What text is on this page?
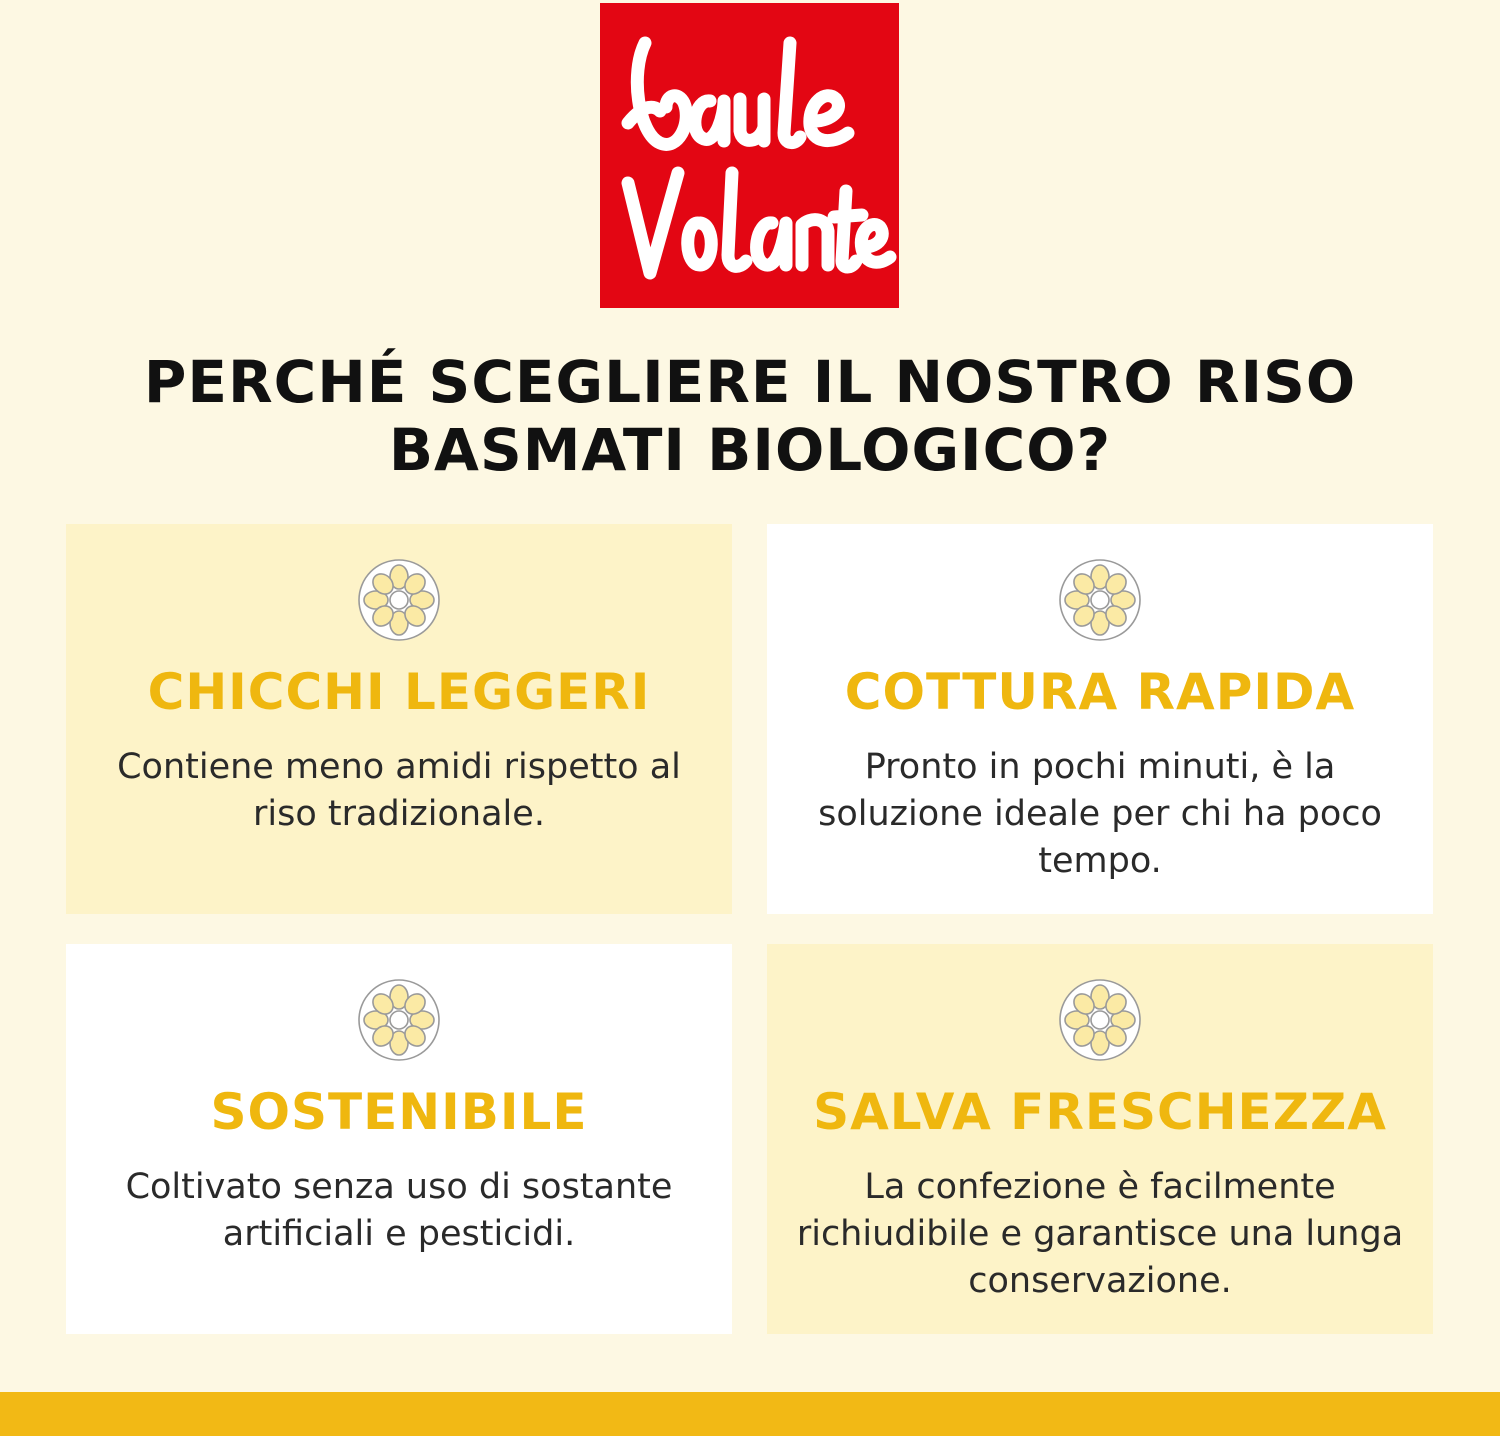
PERCHÉ SCEGLIERE IL NOSTRO RISO
BASMATI BIOLOGICO?
CHICCHI LEGGERI
Contiene meno amidi rispetto al riso tradizionale.
COTTURA RAPIDA
Pronto in pochi minuti, è la soluzione ideale per chi ha poco tempo.
SOSTENIBILE
Coltivato senza uso di sostante artificiali e pesticidi.
SALVA FRESCHEZZA
La confezione è facilmente richiudibile e garantisce una lunga conservazione.
